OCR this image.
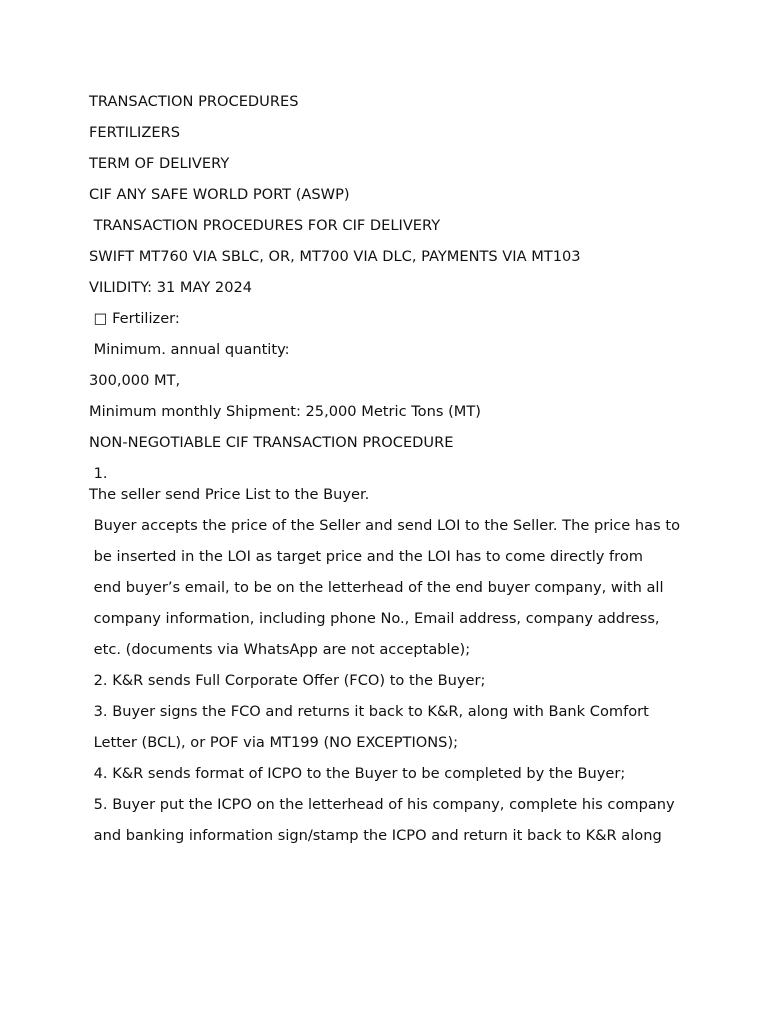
TRANSACTION PROCEDURES

FERTILIZERS

TERM OF DELIVERY

CIF ANY SAFE WORLD PORT (ASWP)

TRANSACTION PROCEDURES FOR CIF DELIVERY

SWIFT MT760 VIA SBLC, OR, MT700 VIA DLC, PAYMENTS VIA MT103

VILIDITY: 31 MAY 2024

□ Fertilizer:

Minimum. annual quantity:

300,000 MT,

Minimum monthly Shipment: 25,000 Metric Tons (MT)

NON-NEGOTIABLE CIF TRANSACTION PROCEDURE

1.

The seller send Price List to the Buyer.

Buyer accepts the price of the Seller and send LOI to the Seller. The price has to

be inserted in the LOI as target price and the LOI has to come directly from

end buyer’s email, to be on the letterhead of the end buyer company, with all

company information, including phone No., Email address, company address,

etc. (documents via WhatsApp are not acceptable);

2. K&R sends Full Corporate Offer (FCO) to the Buyer;

3. Buyer signs the FCO and returns it back to K&R, along with Bank Comfort

Letter (BCL), or POF via MT199 (NO EXCEPTIONS);

4. K&R sends format of ICPO to the Buyer to be completed by the Buyer;

5. Buyer put the ICPO on the letterhead of his company, complete his company

and banking information sign/stamp the ICPO and return it back to K&R along
